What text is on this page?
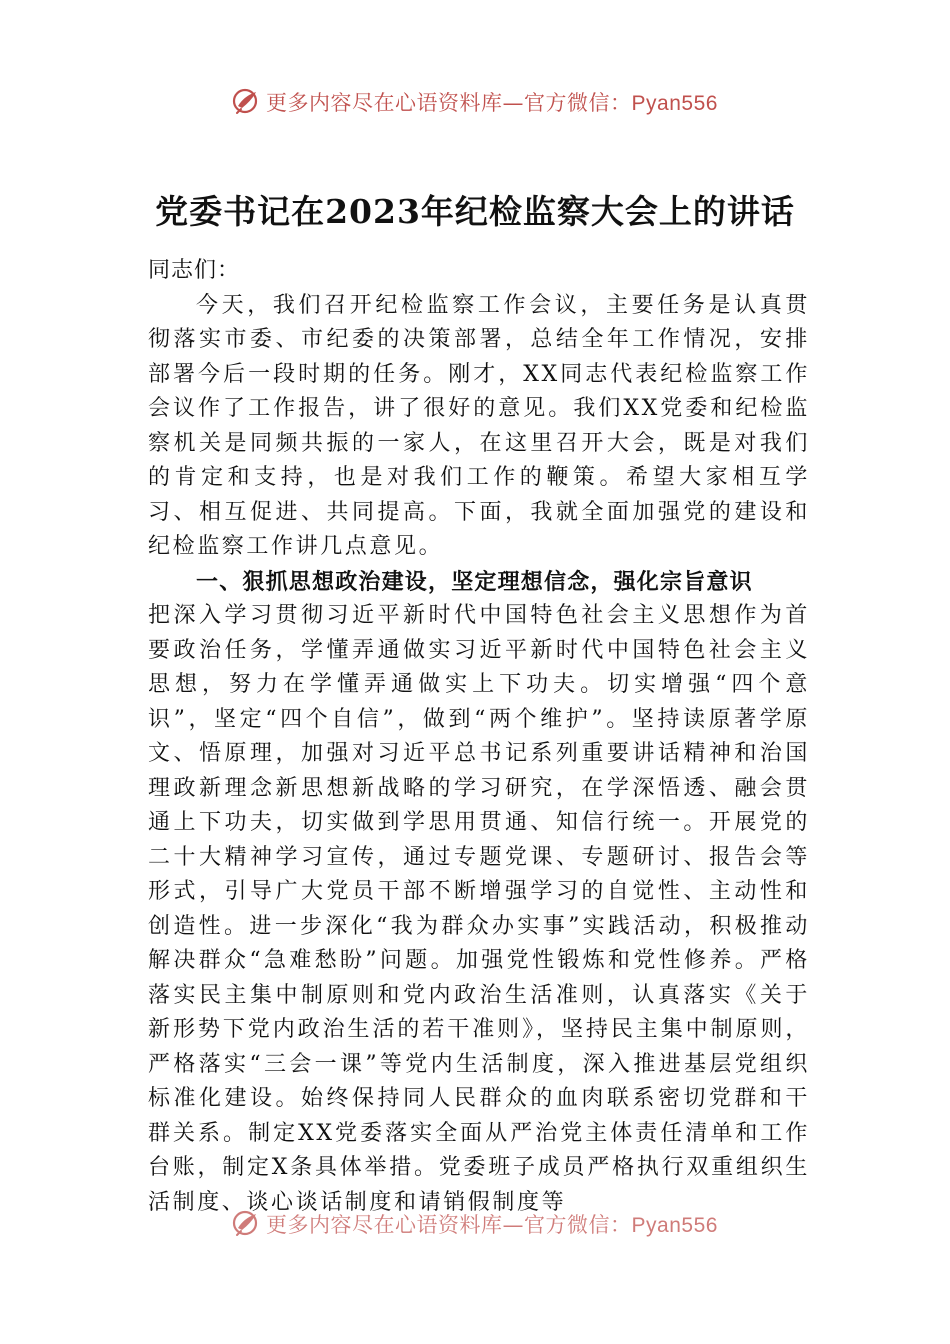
更多内容尽在心语资料库—官方微信：Pyan556
党委书记在2023年纪检监察大会上的讲话

同志们：

今天，我们召开纪检监察工作会议，主要任务是认真贯彻落实市委、市纪委的决策部署，总结全年工作情况，安排部署今后一段时期的任务。刚才，XX同志代表纪检监察工作会议作了工作报告，讲了很好的意见。我们XX党委和纪检监察机关是同频共振的一家人，在这里召开大会，既是对我们的肯定和支持，也是对我们工作的鞭策。希望大家相互学习、相互促进、共同提高。下面，我就全面加强党的建设和纪检监察工作讲几点意见。

一、狠抓思想政治建设，坚定理想信念，强化宗旨意识

把深入学习贯彻习近平新时代中国特色社会主义思想作为首要政治任务，学懂弄通做实习近平新时代中国特色社会主义思想，努力在学懂弄通做实上下功夫。切实增强“四个意识”，坚定“四个自信”，做到“两个维护”。坚持读原著学原文、悟原理，加强对习近平总书记系列重要讲话精神和治国理政新理念新思想新战略的学习研究，在学深悟透、融会贯通上下功夫，切实做到学思用贯通、知信行统一。开展党的二十大精神学习宣传，通过专题党课、专题研讨、报告会等形式，引导广大党员干部不断增强学习的自觉性、主动性和创造性。进一步深化“我为群众办实事”实践活动，积极推动解决群众“急难愁盼”问题。加强党性锻炼和党性修养。严格落实民主集中制原则和党内政治生活准则，认真落实《关于新形势下党内政治生活的若干准则》，坚持民主集中制原则，严格落实“三会一课”等党内生活制度，深入推进基层党组织标准化建设。始终保持同人民群众的血肉联系密切党群和干群关系。制定XX党委落实全面从严治党主体责任清单和工作台账，制定X条具体举措。党委班子成员严格执行双重组织生活制度、谈心谈话制度和请销假制度等

更多内容尽在心语资料库—官方微信：Pyan556
